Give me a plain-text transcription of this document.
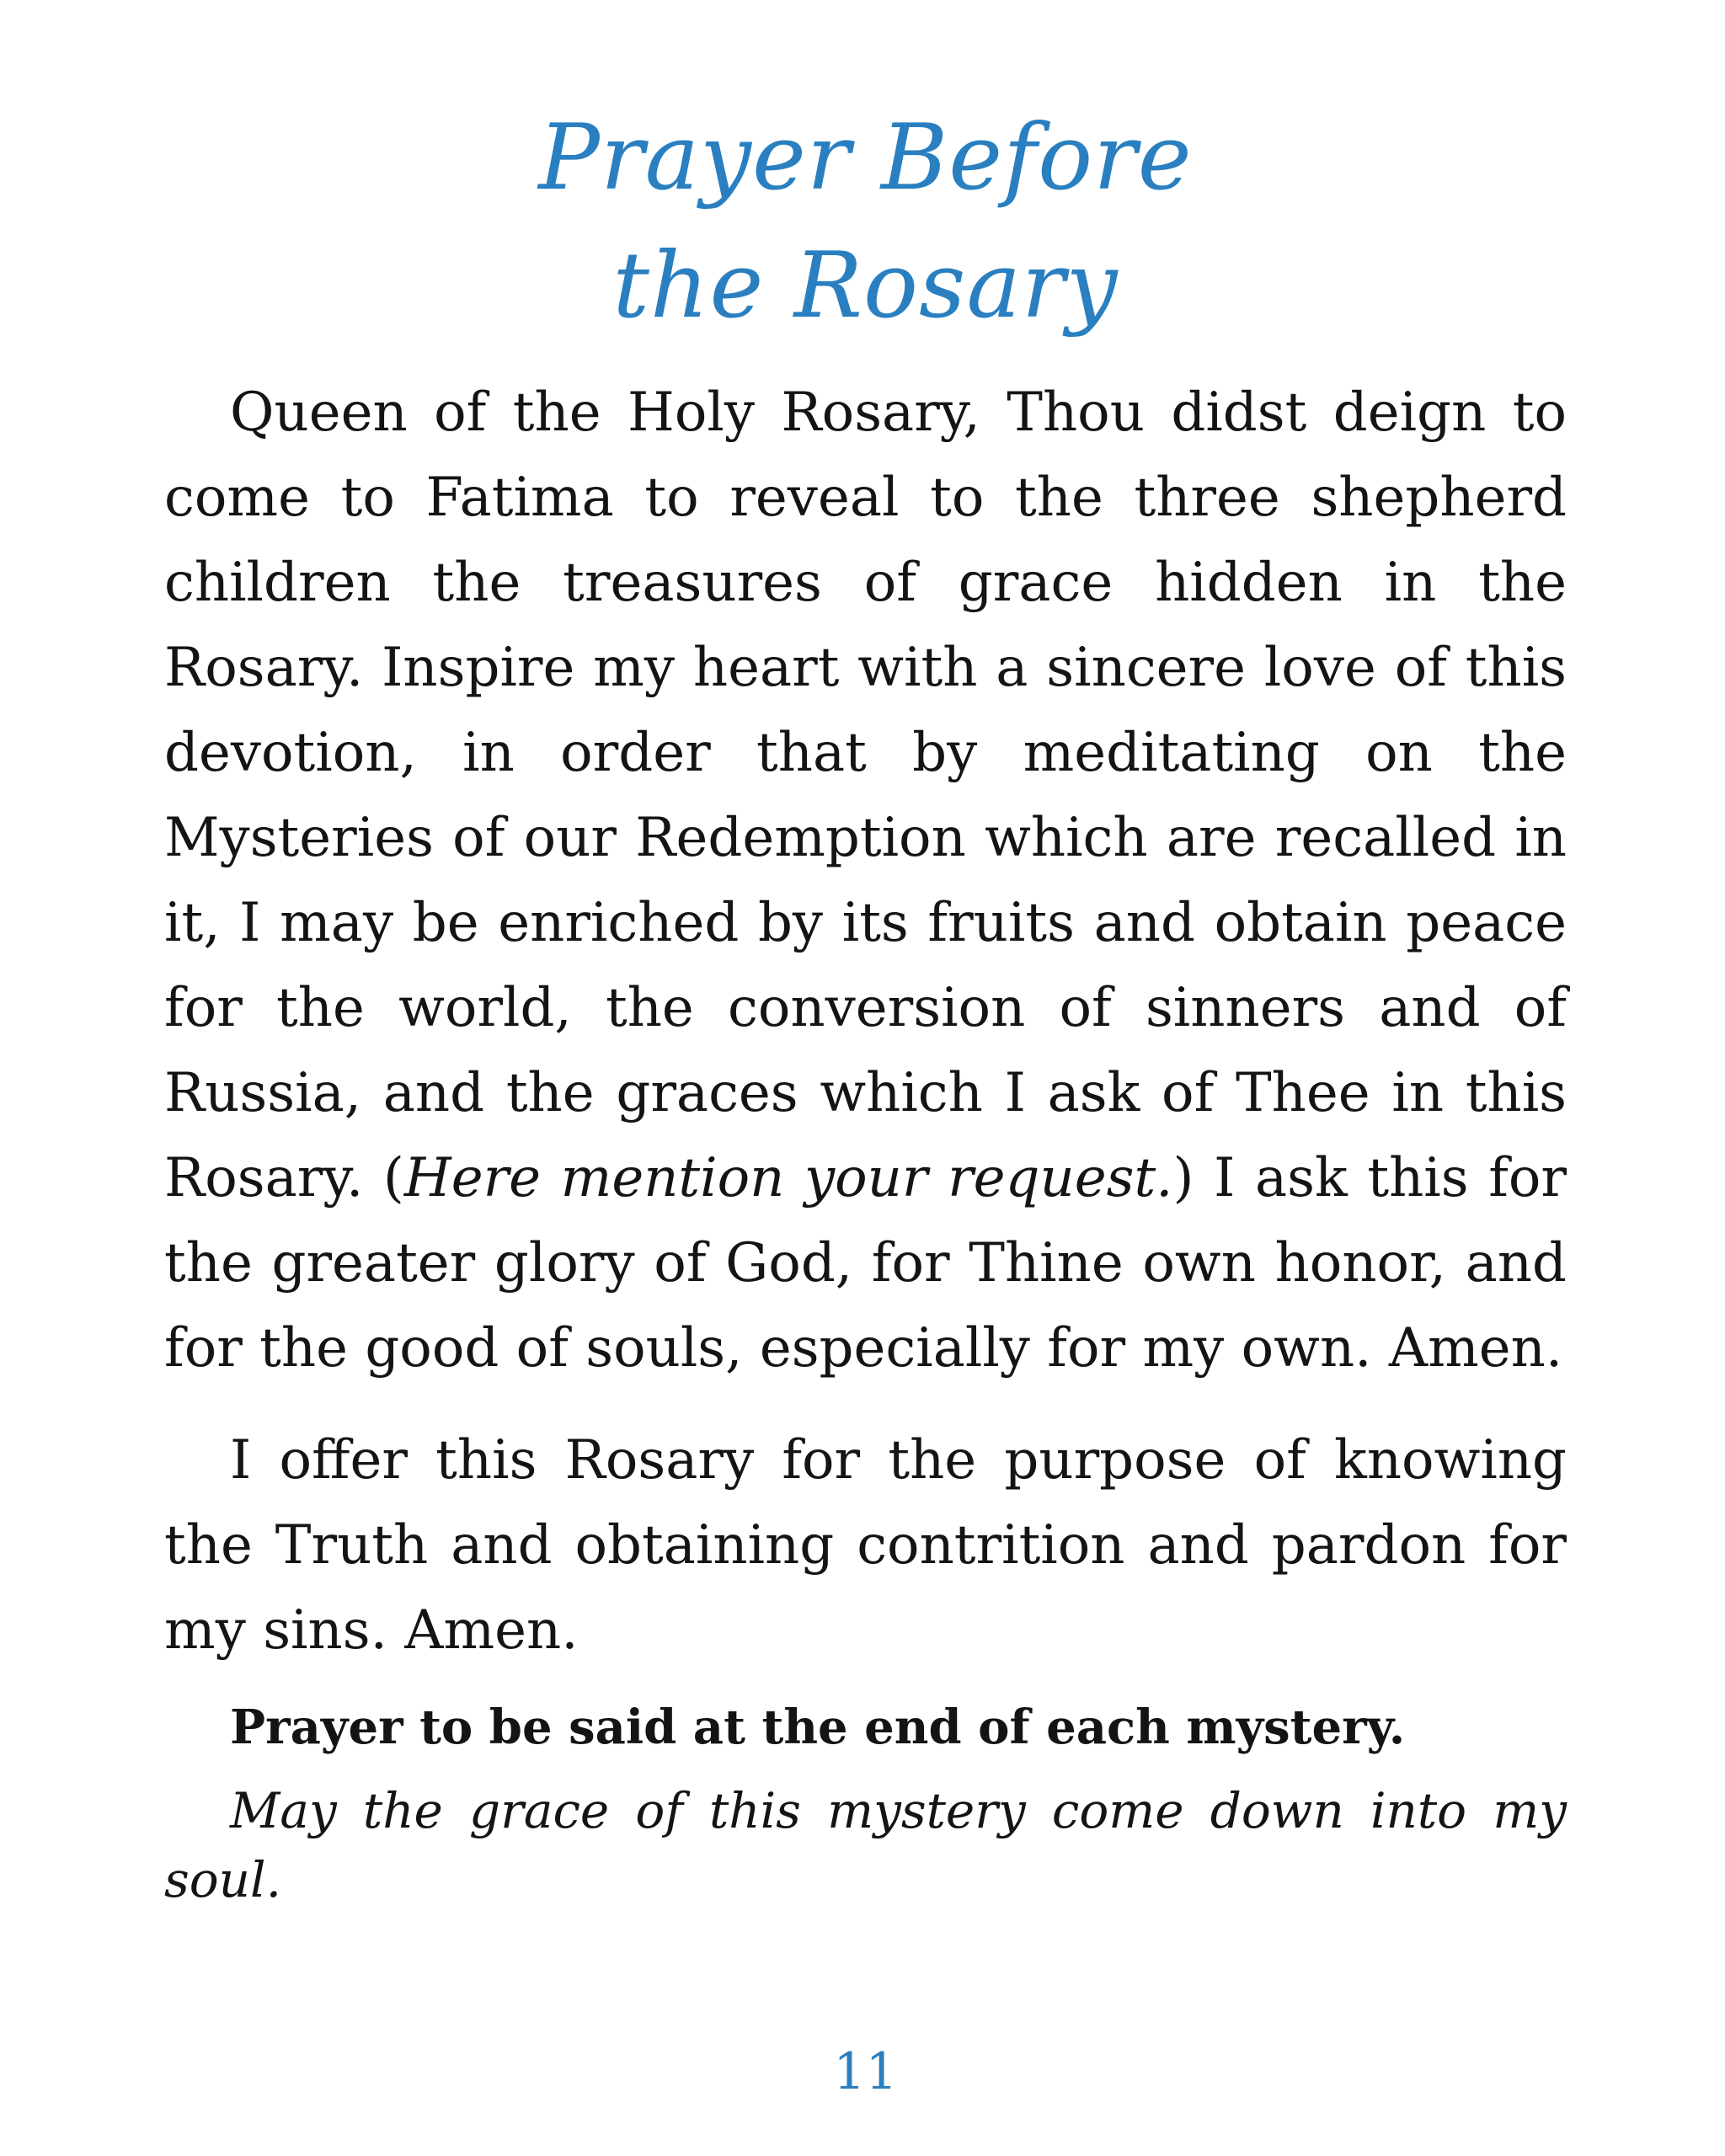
Prayer Before
the Rosary

Queen of the Holy Rosary, Thou didst deign to come to Fatima to reveal to the three shepherd children the treasures of grace hidden in the Rosary. Inspire my heart with a sincere love of this devotion, in order that by meditating on the Mysteries of our Redemption which are recalled in it, I may be enriched by its fruits and obtain peace for the world, the conversion of sinners and of Russia, and the graces which I ask of Thee in this Rosary. (Here mention your request.) I ask this for the greater glory of God, for Thine own honor, and for the good of souls, especially for my own. Amen.

I offer this Rosary for the purpose of knowing the Truth and obtaining contrition and pardon for my sins. Amen.

Prayer to be said at the end of each mystery.

May the grace of this mystery come down into my soul.

11
